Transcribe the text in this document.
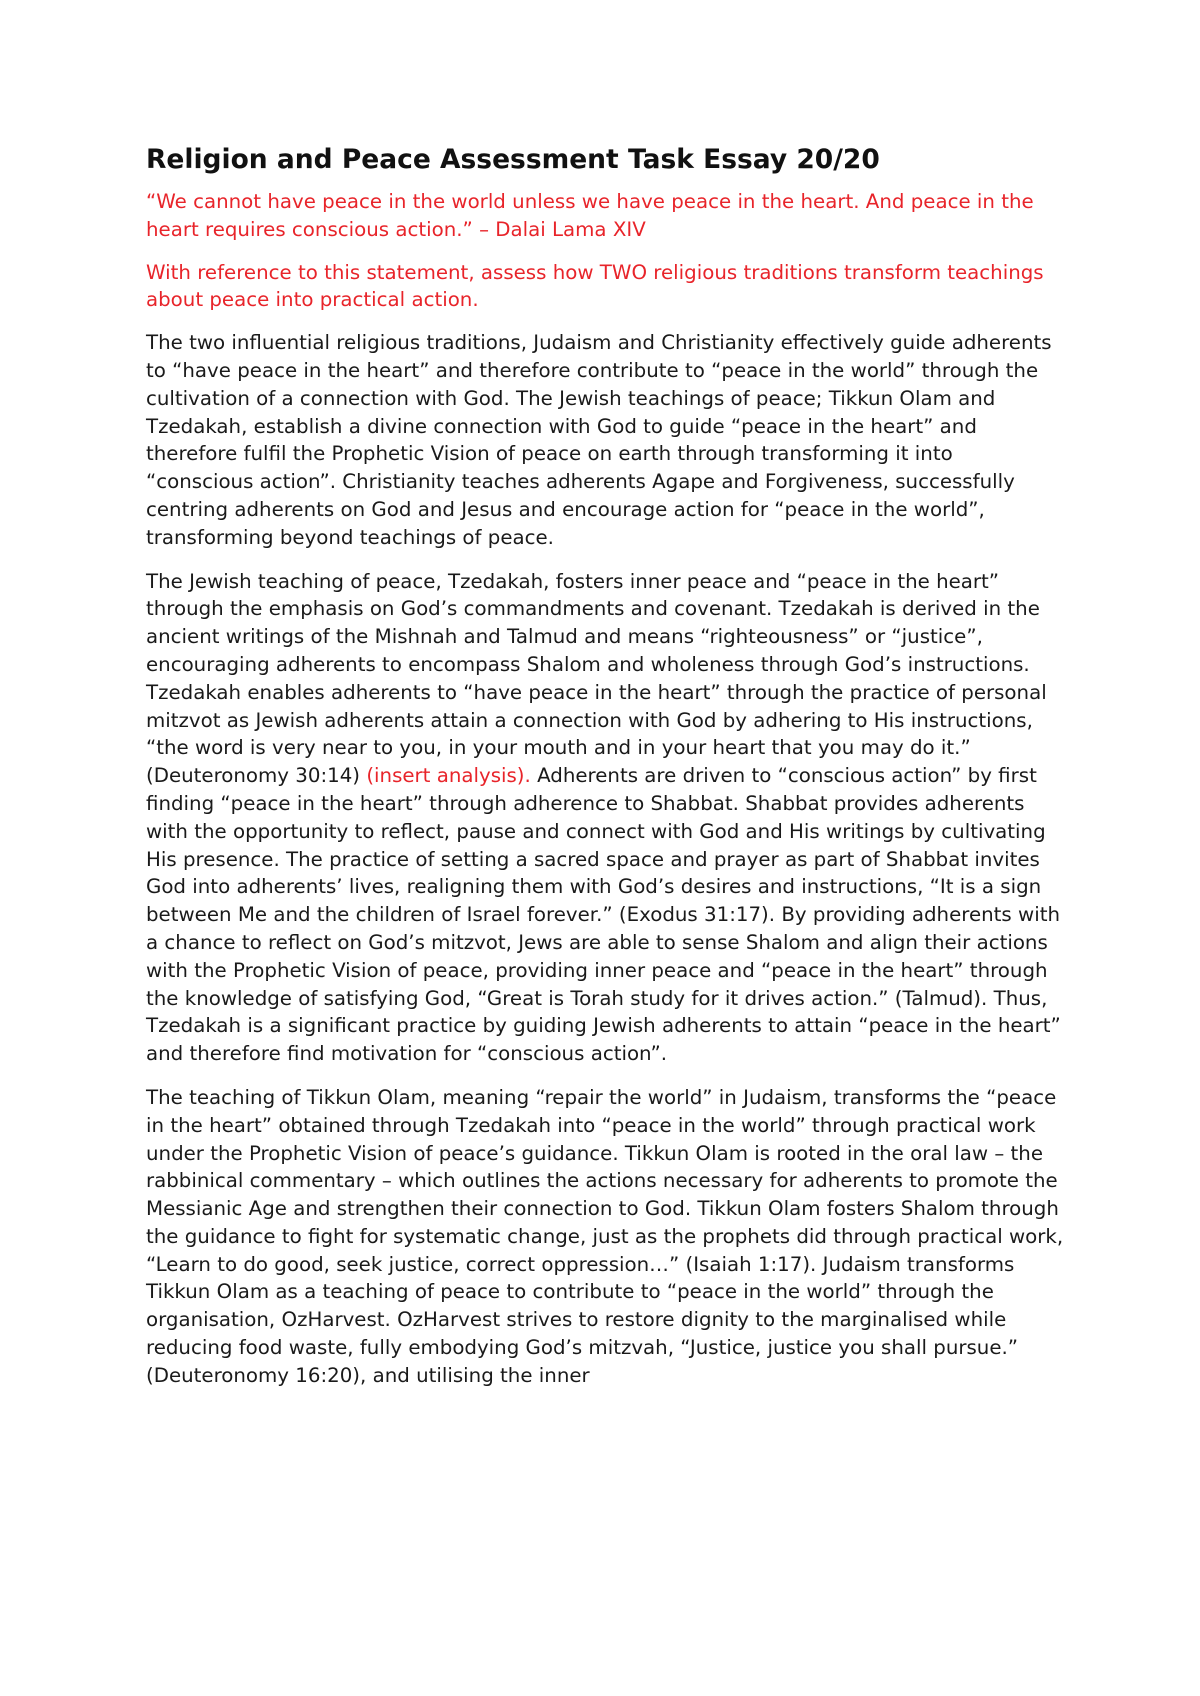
Religion and Peace Assessment Task Essay 20/20

“We cannot have peace in the world unless we have peace in the heart. And peace in the heart requires conscious action.” – Dalai Lama XIV

With reference to this statement, assess how TWO religious traditions transform teachings about peace into practical action.

The two influential religious traditions, Judaism and Christianity effectively guide adherents to “have peace in the heart” and therefore contribute to “peace in the world” through the cultivation of a connection with God. The Jewish teachings of peace; Tikkun Olam and Tzedakah, establish a divine connection with God to guide “peace in the heart” and therefore fulfil the Prophetic Vision of peace on earth through transforming it into “conscious action”. Christianity teaches adherents Agape and Forgiveness, successfully centring adherents on God and Jesus and encourage action for “peace in the world”, transforming beyond teachings of peace.

The Jewish teaching of peace, Tzedakah, fosters inner peace and “peace in the heart” through the emphasis on God’s commandments and covenant. Tzedakah is derived in the ancient writings of the Mishnah and Talmud and means “righteousness” or “justice”, encouraging adherents to encompass Shalom and wholeness through God’s instructions. Tzedakah enables adherents to “have peace in the heart” through the practice of personal mitzvot as Jewish adherents attain a connection with God by adhering to His instructions, “the word is very near to you, in your mouth and in your heart that you may do it.” (Deuteronomy 30:14) (insert analysis). Adherents are driven to “conscious action” by first finding “peace in the heart” through adherence to Shabbat. Shabbat provides adherents with the opportunity to reflect, pause and connect with God and His writings by cultivating His presence. The practice of setting a sacred space and prayer as part of Shabbat invites God into adherents’ lives, realigning them with God’s desires and instructions, “It is a sign between Me and the children of Israel forever.” (Exodus 31:17). By providing adherents with a chance to reflect on God’s mitzvot, Jews are able to sense Shalom and align their actions with the Prophetic Vision of peace, providing inner peace and “peace in the heart” through the knowledge of satisfying God, “Great is Torah study for it drives action.” (Talmud). Thus, Tzedakah is a significant practice by guiding Jewish adherents to attain “peace in the heart” and therefore find motivation for “conscious action”.

The teaching of Tikkun Olam, meaning “repair the world” in Judaism, transforms the “peace in the heart” obtained through Tzedakah into “peace in the world” through practical work under the Prophetic Vision of peace’s guidance. Tikkun Olam is rooted in the oral law – the rabbinical commentary – which outlines the actions necessary for adherents to promote the Messianic Age and strengthen their connection to God. Tikkun Olam fosters Shalom through the guidance to fight for systematic change, just as the prophets did through practical work, “Learn to do good, seek justice, correct oppression…” (Isaiah 1:17). Judaism transforms Tikkun Olam as a teaching of peace to contribute to “peace in the world” through the organisation, OzHarvest. OzHarvest strives to restore dignity to the marginalised while reducing food waste, fully embodying God’s mitzvah, “Justice, justice you shall pursue.” (Deuteronomy 16:20), and utilising the inner
